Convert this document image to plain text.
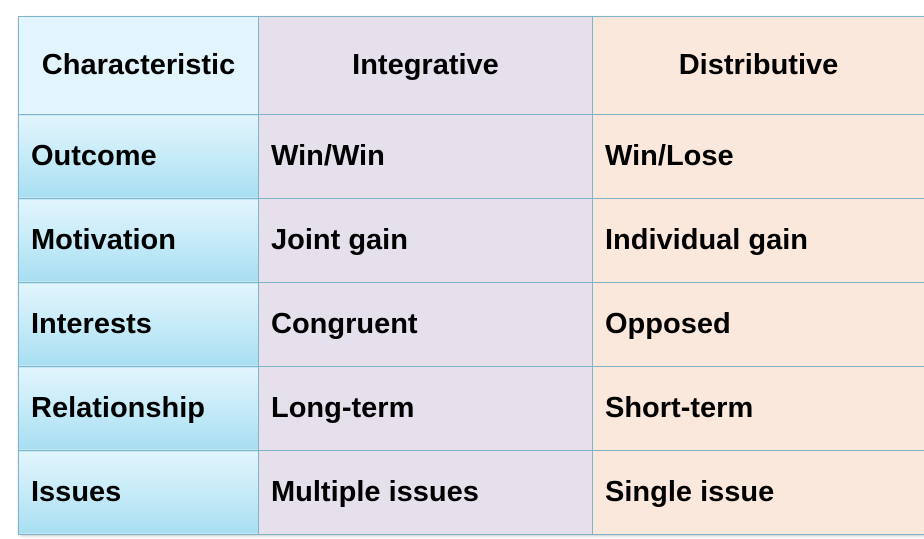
Characteristic	Integrative	Distributive
Outcome	Win/Win	Win/Lose
Motivation	Joint gain	Individual gain
Interests	Congruent	Opposed
Relationship	Long-term	Short-term
Issues	Multiple issues	Single issue
